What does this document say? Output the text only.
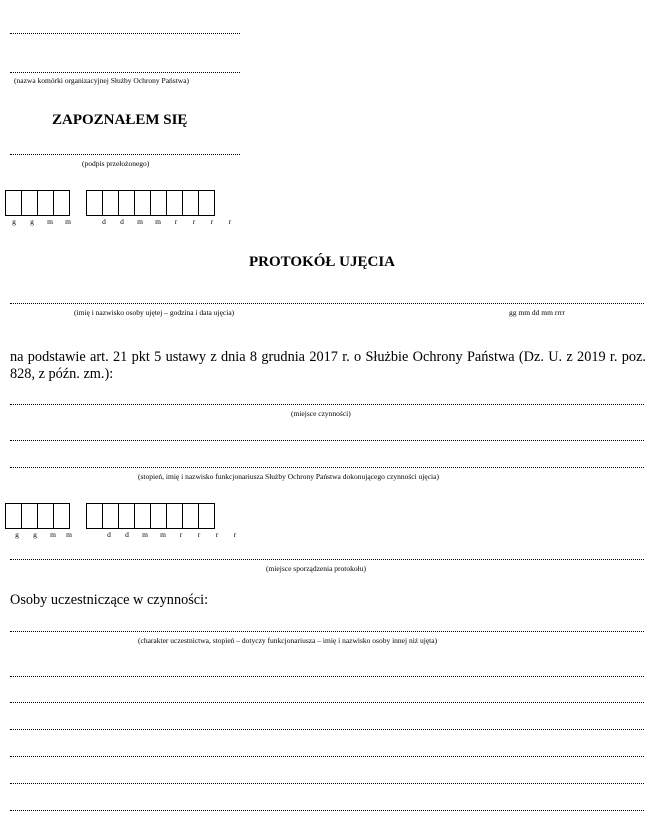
(nazwa komórki organizacyjnej Służby Ochrony Państwa)
ZAPOZNAŁEM SIĘ
(podpis przełożonego)
g	g	m	m	d	d	m	m	r	r	r	r
PROTOKÓŁ UJĘCIA
(imię i nazwisko osoby ujętej – godzina i data ujęcia)	gg mm dd mm rrrr
na podstawie art. 21 pkt 5 ustawy z dnia 8 grudnia 2017 r. o Służbie Ochrony Państwa (Dz. U. z 2019 r. poz. 828, z późn. zm.):
(miejsce czynności)
(stopień, imię i nazwisko funkcjonariusza Służby Ochrony Państwa dokonującego czynności ujęcia)
g	g	m	m	d	d	m	m	r	r	r	r
(miejsce sporządzenia protokołu)
Osoby uczestniczące w czynności:
(charakter uczestnictwa, stopień – dotyczy funkcjonariusza – imię i nazwisko osoby innej niż ujęta)
